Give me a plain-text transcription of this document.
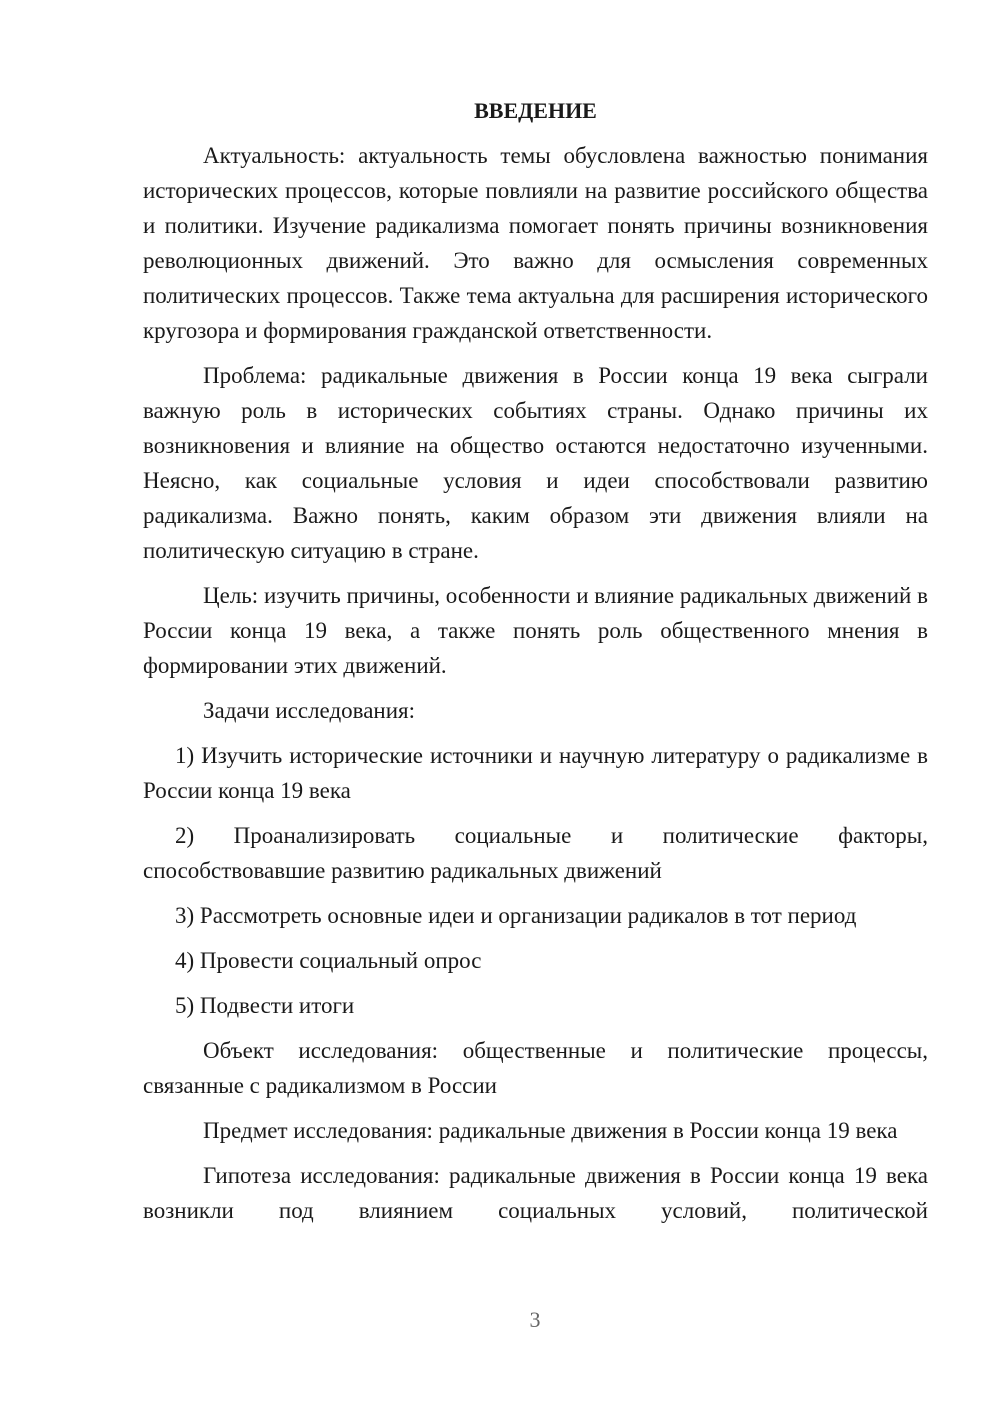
ВВЕДЕНИЕ
Актуальность: актуальность темы обусловлена важностью понимания исторических процессов, которые повлияли на развитие российского общества и политики. Изучение радикализма помогает понять причины возникновения революционных движений. Это важно для осмысления современных политических процессов. Также тема актуальна для расширения исторического кругозора и формирования гражданской ответственности.
Проблема: радикальные движения в России конца 19 века сыграли важную роль в исторических событиях страны. Однако причины их возникновения и влияние на общество остаются недостаточно изученными. Неясно, как социальные условия и идеи способствовали развитию радикализма. Важно понять, каким образом эти движения влияли на политическую ситуацию в стране.
Цель: изучить причины, особенности и влияние радикальных движений в России конца 19 века, а также понять роль общественного мнения в формировании этих движений.
Задачи исследования:
1) Изучить исторические источники и научную литературу о радикализме в России конца 19 века
2) Проанализировать социальные и политические факторы, способствовавшие развитию радикальных движений
3) Рассмотреть основные идеи и организации радикалов в тот период
4) Провести социальный опрос
5) Подвести итоги
Объект исследования: общественные и политические процессы, связанные с радикализмом в России
Предмет исследования: радикальные движения в России конца 19 века
Гипотеза исследования: радикальные движения в России конца 19 века возникли под влиянием социальных условий, политической
3
